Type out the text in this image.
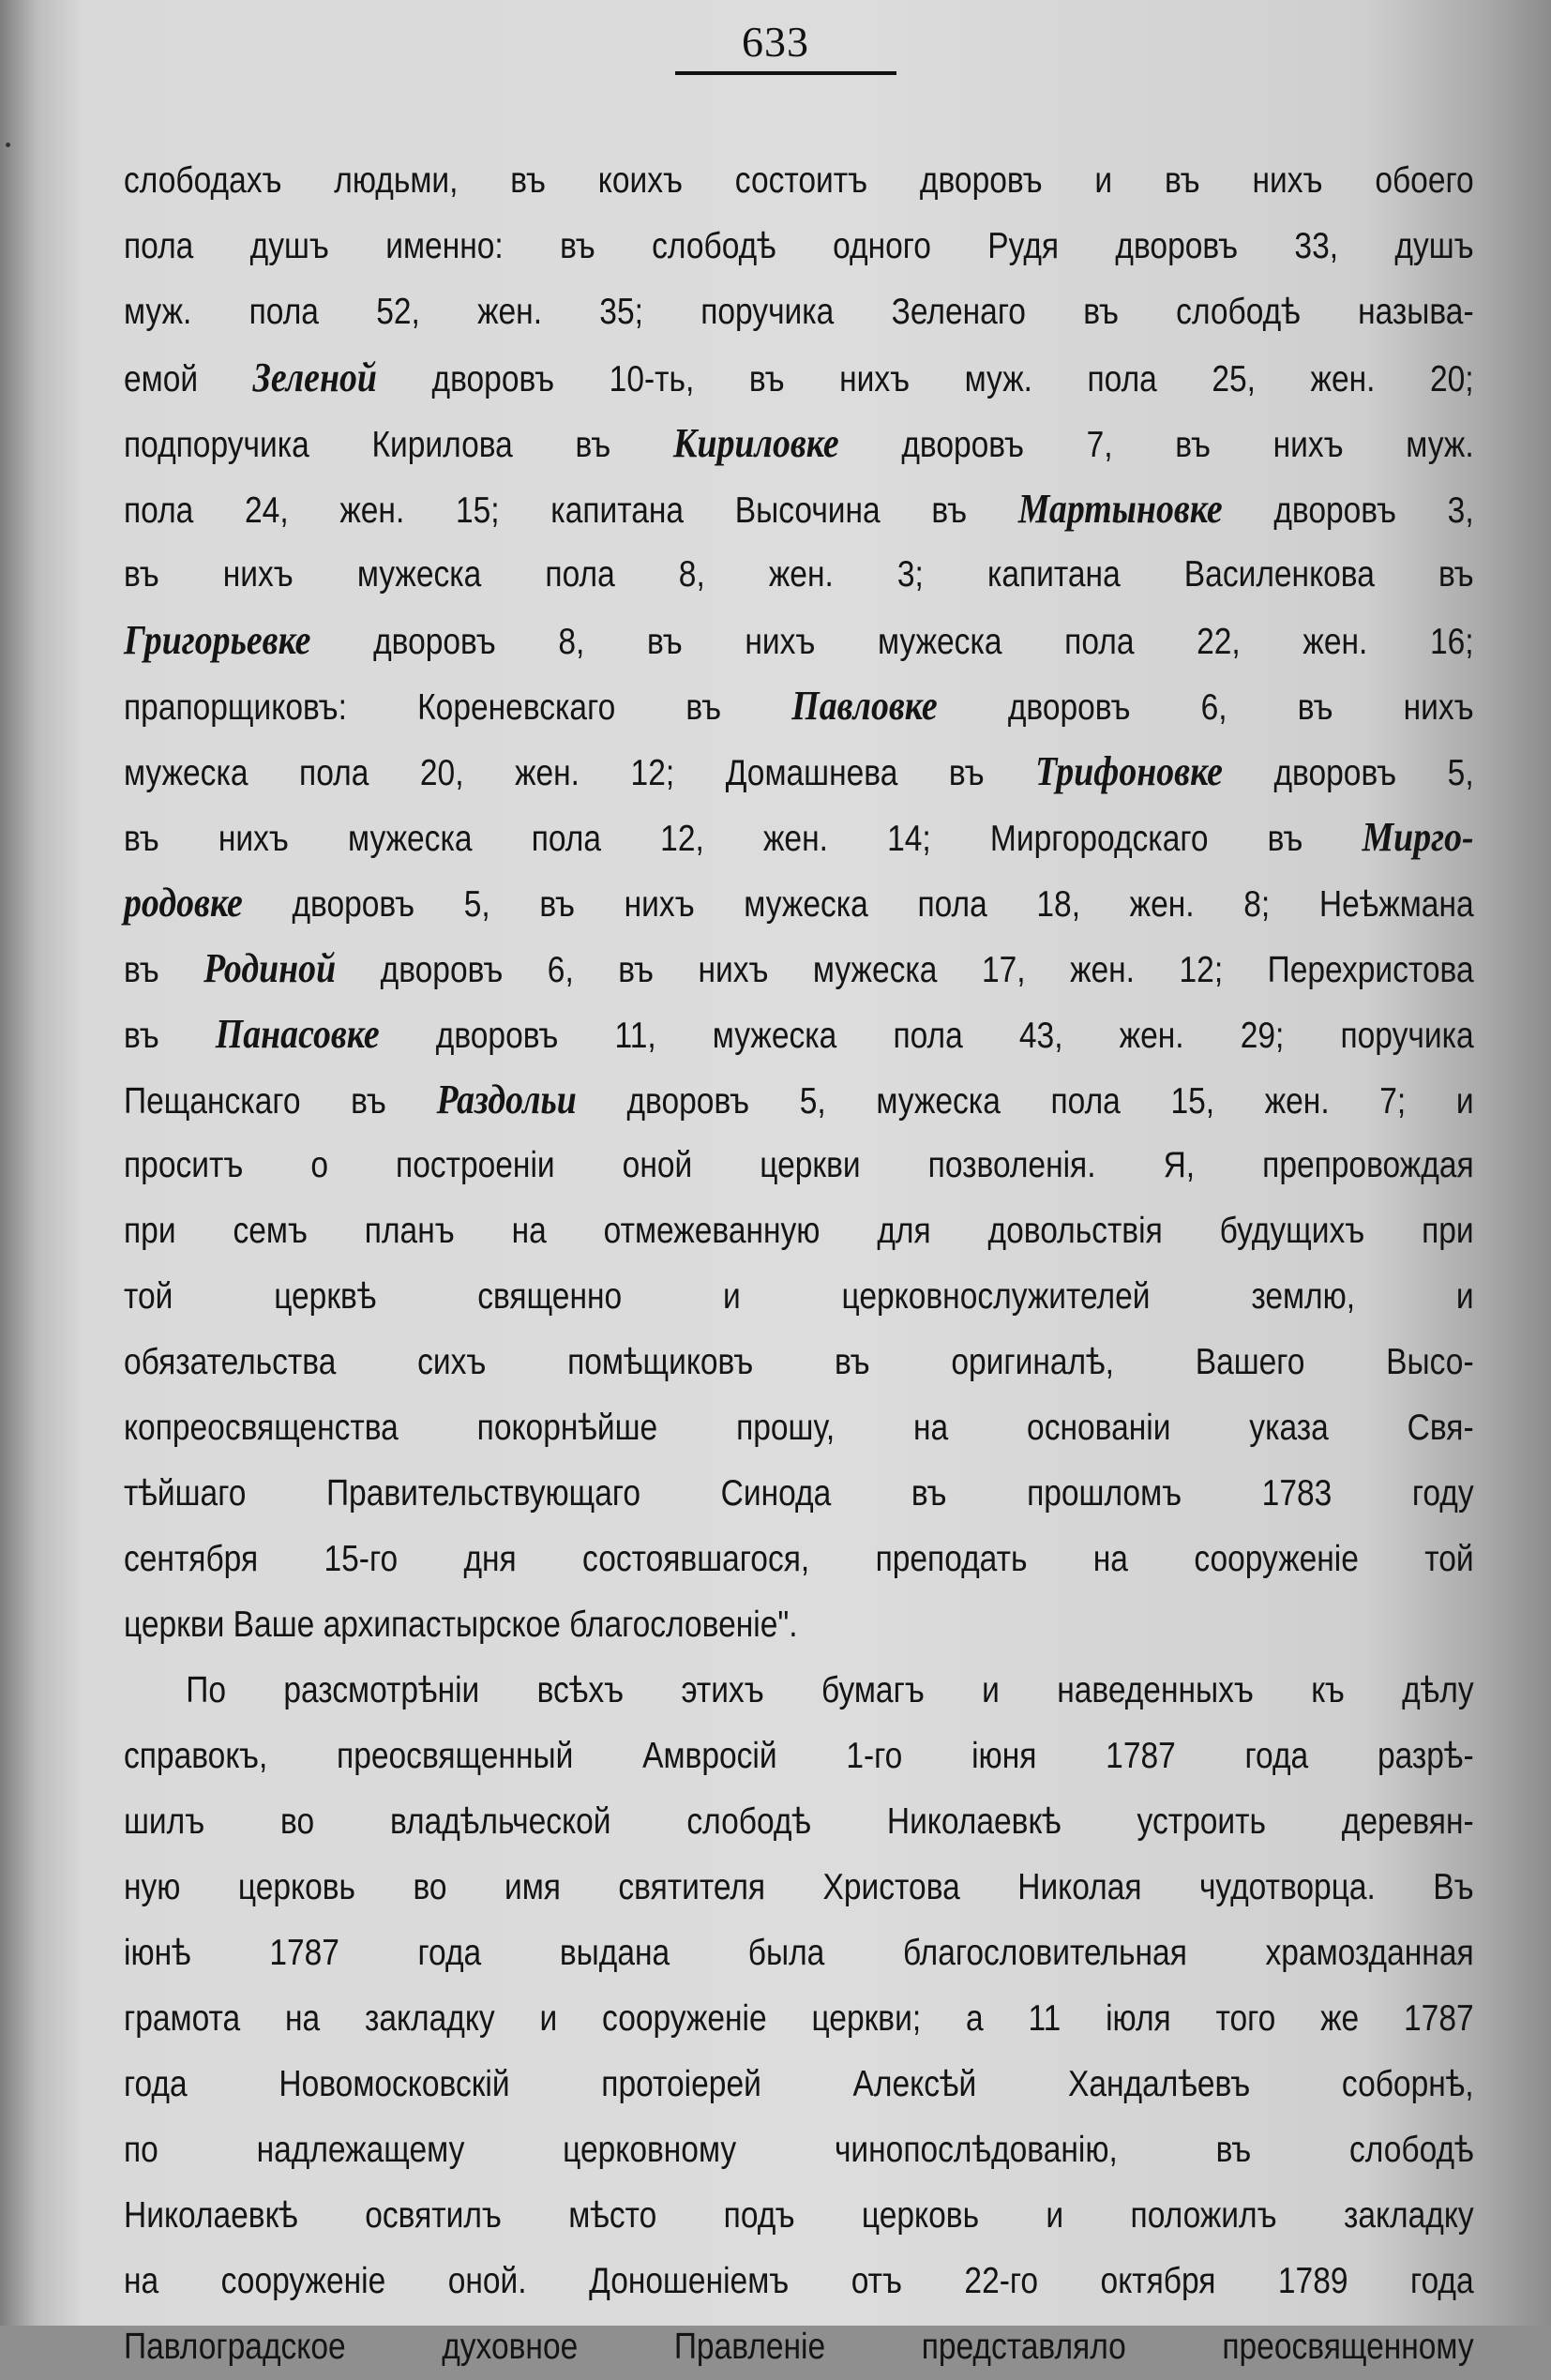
633
слободахъ людьми, въ коихъ состоитъ дворовъ и въ нихъ обоего
пола душъ именно: въ слободѣ одного Рудя дворовъ 33, душъ
муж. пола 52, жен. 35; поручика Зеленаго въ слободѣ называ-
емой Зеленой дворовъ 10-ть, въ нихъ муж. пола 25, жен. 20;
подпоручика Кирилова въ Кириловке дворовъ 7, въ нихъ муж.
пола 24, жен. 15; капитана Высочина въ Мартыновке дворовъ 3,
въ нихъ мужеска пола 8, жен. 3; капитана Василенкова въ
Григорьевке дворовъ 8, въ нихъ мужеска пола 22, жен. 16;
прапорщиковъ: Кореневскаго въ Павловке дворовъ 6, въ нихъ
мужеска пола 20, жен. 12; Домашнева въ Трифоновке дворовъ 5,
въ нихъ мужеска пола 12, жен. 14; Миргородскаго въ Мирго-
родовке дворовъ 5, въ нихъ мужеска пола 18, жен. 8; Неѣжмана
въ Родиной дворовъ 6, въ нихъ мужеска 17, жен. 12; Перехристова
въ Панасовке дворовъ 11, мужеска пола 43, жен. 29; поручика
Пещанскаго въ Раздольи дворовъ 5, мужеска пола 15, жен. 7; и
проситъ о построеніи оной церкви позволенія. Я, препровождая
при семъ планъ на отмежеванную для довольствія будущихъ при
той церквѣ священно и церковнослужителей землю, и
обязательства сихъ помѣщиковъ въ оригиналѣ, Вашего Высо-
копреосвященства покорнѣйше прошу, на основаніи указа Свя-
тѣйшаго Правительствующаго Синода въ прошломъ 1783 году
сентября 15-го дня состоявшагося, преподать на сооруженіе той
церкви Ваше архипастырское благословеніе".
По разсмотрѣніи всѣхъ этихъ бумагъ и наведенныхъ къ дѣлу
справокъ, преосвященный Амвросій 1-го іюня 1787 года разрѣ-
шилъ во владѣльческой слободѣ Николаевкѣ устроить деревян-
ную церковь во имя святителя Христова Николая чудотворца. Въ
іюнѣ 1787 года выдана была благословительная храмозданная
грамота на закладку и сооруженіе церкви; а 11 іюля того же 1787
года Новомосковскій протоіерей Алексѣй Хандалѣевъ соборнѣ,
по надлежащему церковному чинопослѣдованію, въ слободѣ
Николаевкѣ освятилъ мѣсто подъ церковь и положилъ закладку
на сооруженіе оной. Доношеніемъ отъ 22-го октября 1789 года
Павлоградское духовное Правленіе представляло преосвященному
